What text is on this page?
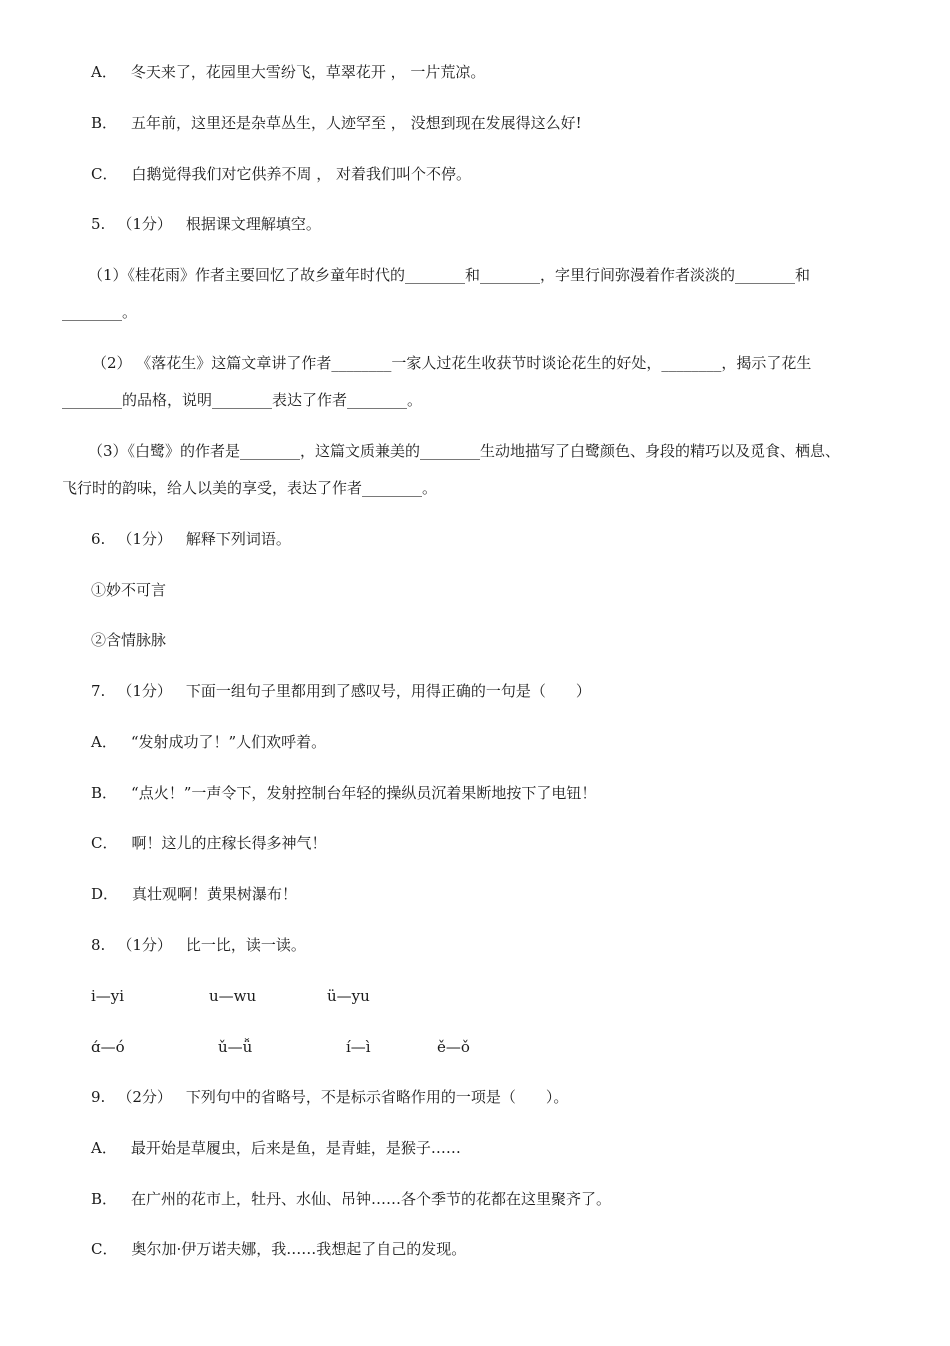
A． 冬天来了，花园里大雪纷飞，草翠花开 ， 一片荒凉。
B． 五年前，这里还是杂草丛生，人迹罕至 ， 没想到现在发展得这么好!
C． 白鹅觉得我们对它供养不周 ， 对着我们叫个不停。
5. （1分） 根据课文理解填空。
（1）《桂花雨》作者主要回忆了故乡童年时代的________和________，字里行间弥漫着作者淡淡的________和
________。
（2） 《落花生》这篇文章讲了作者________一家人过花生收获节时谈论花生的好处，________，揭示了花生
________的品格，说明________表达了作者________。
（3）《白鹭》的作者是________，这篇文质兼美的________生动地描写了白鹭颜色、身段的精巧以及觅食、栖息、
飞行时的韵味，给人以美的享受，表达了作者________。
6. （1分） 解释下列词语。
①妙不可言
②含情脉脉
7. （1分） 下面一组句子里都用到了感叹号，用得正确的一句是（　　）
A． “发射成功了！”人们欢呼着。
B． “点火！”一声令下，发射控制台年轻的操纵员沉着果断地按下了电钮！
C． 啊！这儿的庄稼长得多神气！
D． 真壮观啊！黄果树瀑布！
8. （1分） 比一比，读一读。
i—yi	u—wu	ü—yu
ɑ́—ó	ǔ—ǚ	í—ì	ě—ǒ
9. （2分） 下列句中的省略号，不是标示省略作用的一项是（　　）。
A． 最开始是草履虫，后来是鱼，是青蛙，是猴子……
B． 在广州的花市上，牡丹、水仙、吊钟……各个季节的花都在这里聚齐了。
C． 奥尔加·伊万诺夫娜，我……我想起了自己的发现。
